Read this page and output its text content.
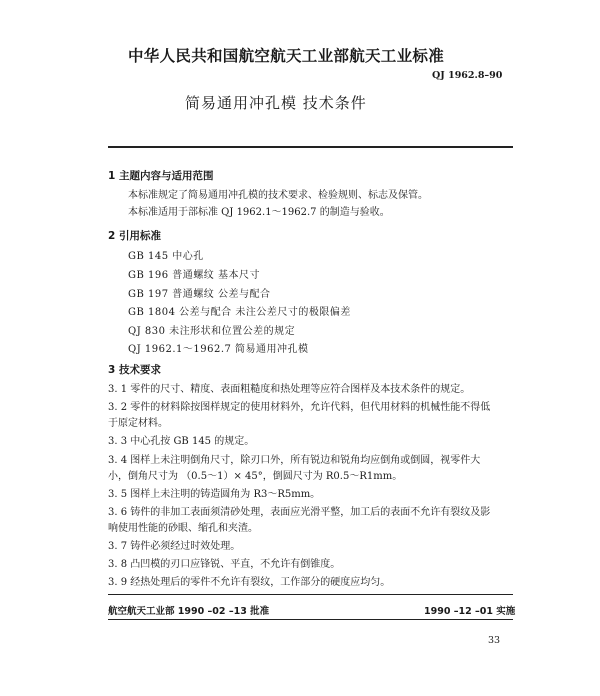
中华人民共和国航空航天工业部航天工业标准
QJ 1962.8–90
简易通用冲孔模 技术条件
1 主题内容与适用范围
本标准规定了简易通用冲孔模的技术要求、检验规则、标志及保管。
本标准适用于部标准 QJ 1962.1～1962.7 的制造与验收。
2 引用标准
GB 145 中心孔
GB 196 普通螺纹 基本尺寸
GB 197 普通螺纹 公差与配合
GB 1804 公差与配合 未注公差尺寸的极限偏差
QJ 830 未注形状和位置公差的规定
QJ 1962.1～1962.7 简易通用冲孔模
3 技术要求
3. 1 零件的尺寸、精度、表面粗糙度和热处理等应符合图样及本技术条件的规定。
3. 2 零件的材料除按图样规定的使用材料外，允许代料，但代用材料的机械性能不得低
于原定材料。
3. 3 中心孔按 GB 145 的规定。
3. 4 图样上未注明倒角尺寸，除刃口外，所有锐边和锐角均应倒角或倒圆，视零件大
小，倒角尺寸为 （0.5～1）× 45°，倒圆尺寸为 R0.5～R1mm。
3. 5 图样上未注明的铸造圆角为 R3～R5mm。
3. 6 铸件的非加工表面须清砂处理，表面应光滑平整，加工后的表面不允许有裂纹及影
响使用性能的砂眼、缩孔和夹渣。
3. 7 铸件必须经过时效处理。
3. 8 凸凹模的刃口应锋锐、平直，不允许有倒锥度。
3. 9 经热处理后的零件不允许有裂纹，工作部分的硬度应均匀。
航空航天工业部 1990 –02 –13 批准	1990 –12 –01 实施
33
